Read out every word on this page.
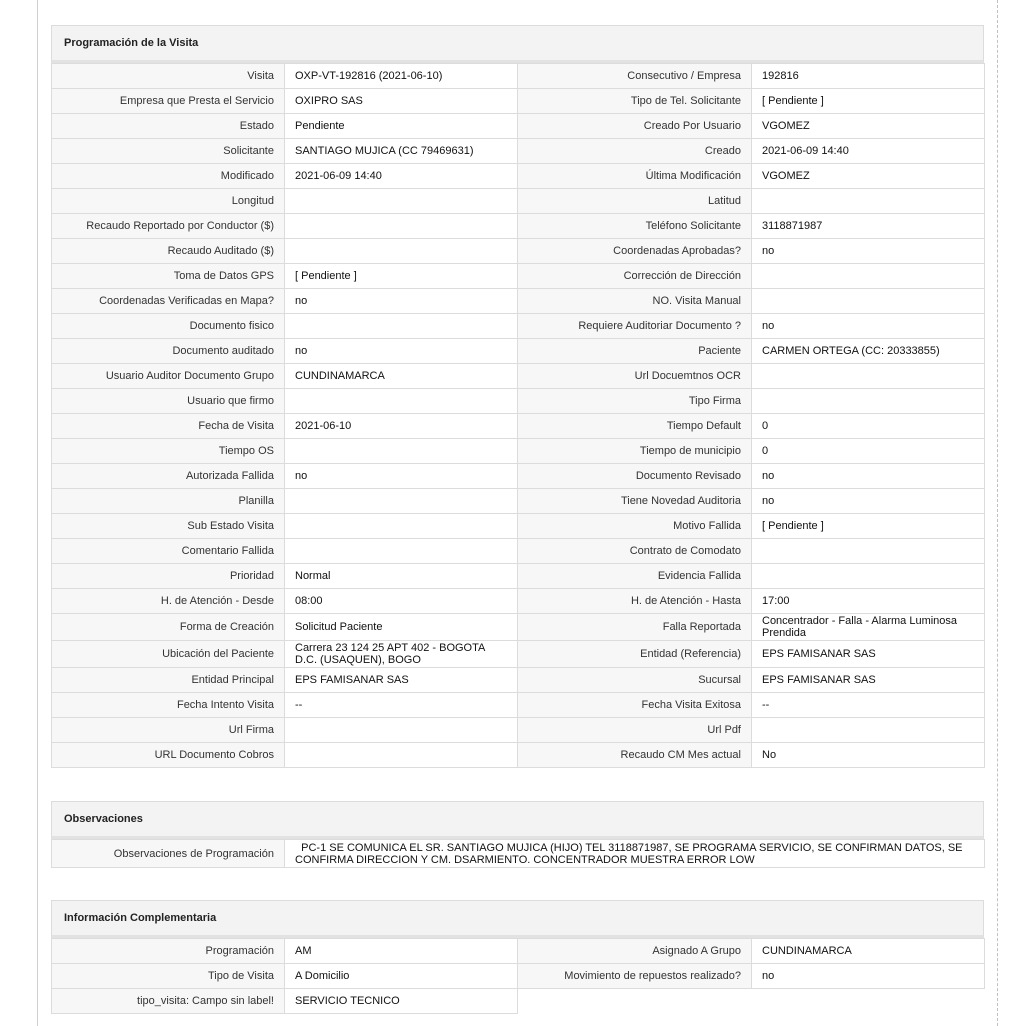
Programación de la Visita
Visita	OXP-VT-192816 (2021-06-10)	Consecutivo / Empresa	192816
Empresa que Presta el Servicio	OXIPRO SAS	Tipo de Tel. Solicitante	[ Pendiente ]
Estado	Pendiente	Creado Por Usuario	VGOMEZ
Solicitante	SANTIAGO MUJICA (CC 79469631)	Creado	2021-06-09 14:40
Modificado	2021-06-09 14:40	Última Modificación	VGOMEZ
Longitud		Latitud	
Recaudo Reportado por Conductor ($)		Teléfono Solicitante	3118871987
Recaudo Auditado ($)		Coordenadas Aprobadas?	no
Toma de Datos GPS	[ Pendiente ]	Corrección de Dirección	
Coordenadas Verificadas en Mapa?	no	NO. Visita Manual	
Documento fisico		Requiere Auditoriar Documento ?	no
Documento auditado	no	Paciente	CARMEN ORTEGA (CC: 20333855)
Usuario Auditor Documento Grupo	CUNDINAMARCA	Url Docuemtnos OCR	
Usuario que firmo		Tipo Firma	
Fecha de Visita	2021-06-10	Tiempo Default	0
Tiempo OS		Tiempo de municipio	0
Autorizada Fallida	no	Documento Revisado	no
Planilla		Tiene Novedad Auditoria	no
Sub Estado Visita		Motivo Fallida	[ Pendiente ]
Comentario Fallida		Contrato de Comodato	
Prioridad	Normal	Evidencia Fallida	
H. de Atención - Desde	08:00	H. de Atención - Hasta	17:00
Forma de Creación	Solicitud Paciente	Falla Reportada	Concentrador - Falla - Alarma Luminosa Prendida
Ubicación del Paciente	Carrera 23 124 25 APT 402 - BOGOTA D.C. (USAQUEN), BOGO	Entidad (Referencia)	EPS FAMISANAR SAS
Entidad Principal	EPS FAMISANAR SAS	Sucursal	EPS FAMISANAR SAS
Fecha Intento Visita	--	Fecha Visita Exitosa	--
Url Firma		Url Pdf	
URL Documento Cobros		Recaudo CM Mes actual	No
Observaciones
Observaciones de Programación	PC-1 SE COMUNICA EL SR. SANTIAGO MUJICA (HIJO) TEL 3118871987, SE PROGRAMA SERVICIO, SE CONFIRMAN DATOS, SE CONFIRMA DIRECCION Y CM. DSARMIENTO. CONCENTRADOR MUESTRA ERROR LOW
Información Complementaria
Programación	AM	Asignado A Grupo	CUNDINAMARCA
Tipo de Visita	A Domicilio	Movimiento de repuestos realizado?	no
tipo_visita: Campo sin label!	SERVICIO TECNICO		
